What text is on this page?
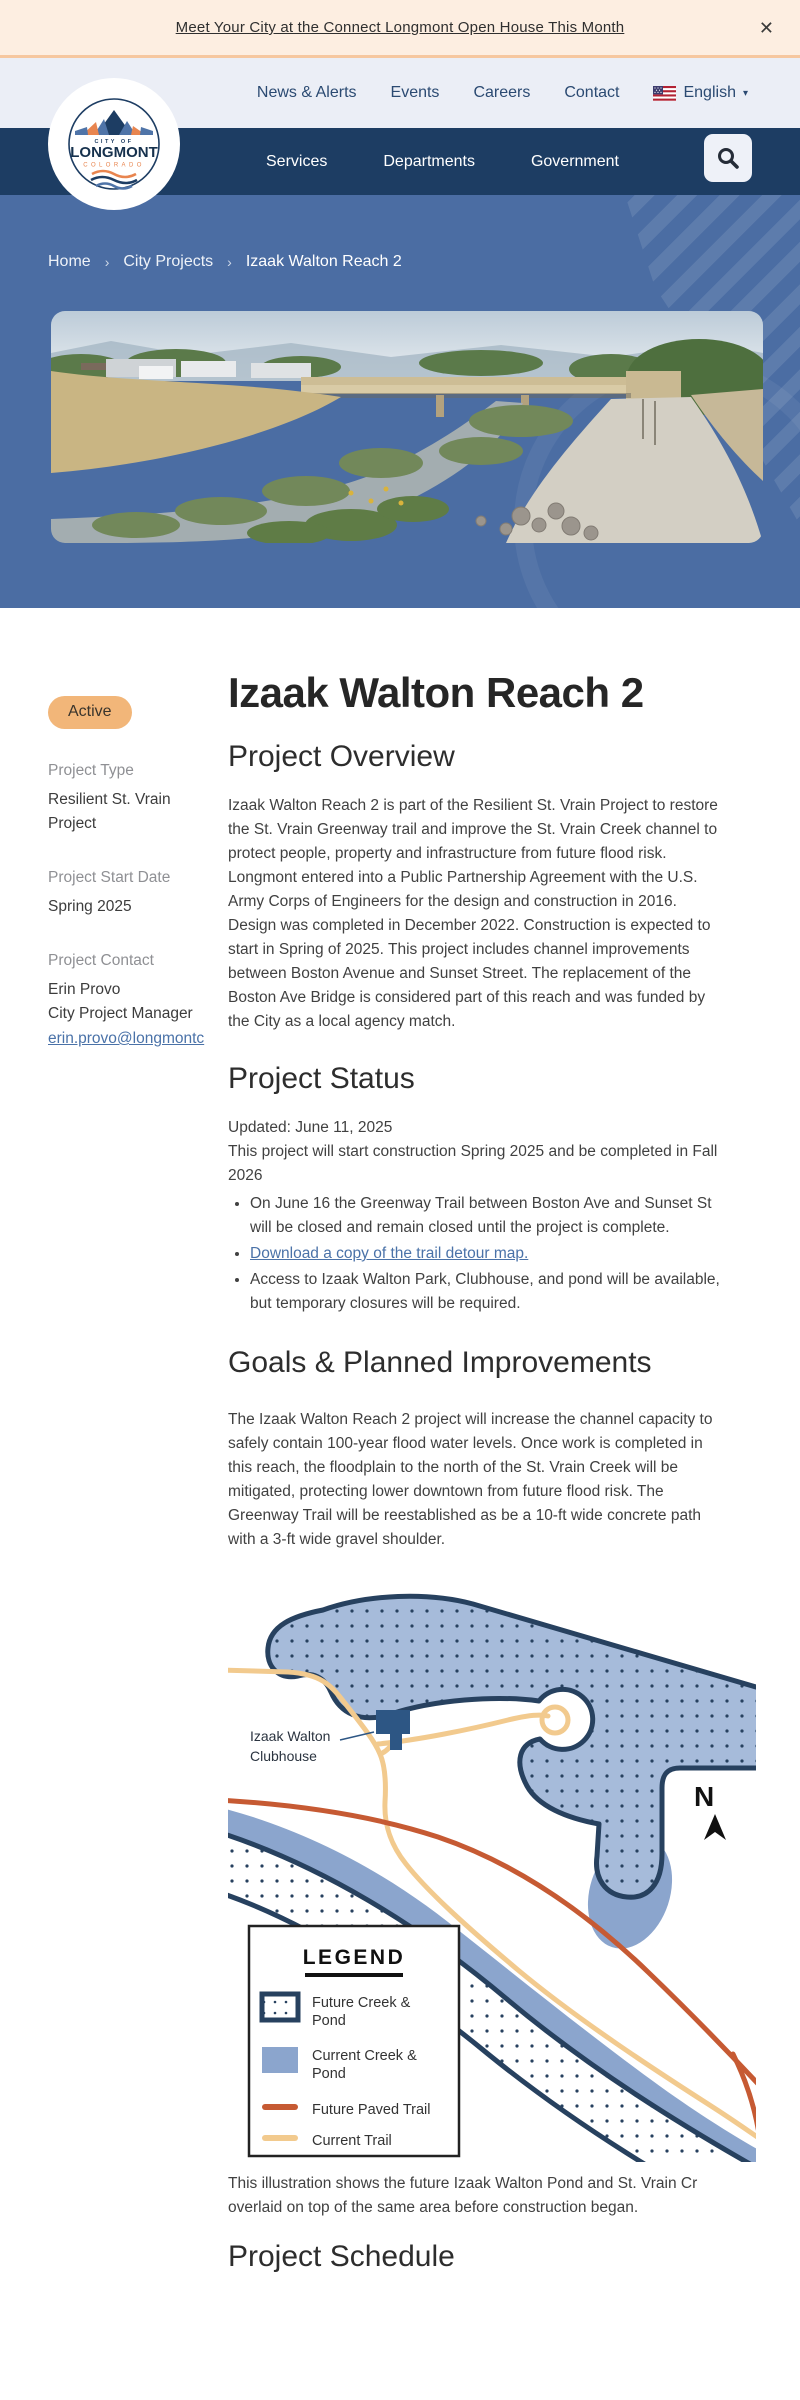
Meet Your City at the Connect Longmont Open House This Month	✕
News & Alerts Events Careers Contact	English ▾
Services	Departments	Government
CITY OF
LONGMONT
COLORADO
Home › City Projects › Izaak Walton Reach 2
Active
Project Type
Resilient St. Vrain Project
Project Start Date
Spring 2025
Project Contact
Erin Provo
City Project Manager
erin.provo@longmontc
Izaak Walton Reach 2
Project Overview

Izaak Walton Reach 2 is part of the Resilient St. Vrain Project to restore the St. Vrain Greenway trail and improve the St. Vrain Creek channel to protect people, property and infrastructure from future flood risk. Longmont entered into a Public Partnership Agreement with the U.S. Army Corps of Engineers for the design and construction in 2016. Design was completed in December 2022. Construction is expected to start in Spring of 2025. This project includes channel improvements between Boston Avenue and Sunset Street. The replacement of the Boston Ave Bridge is considered part of this reach and was funded by the City as a local agency match.

Project Status
Updated: June 11, 2025
This project will start construction Spring 2025 and be completed in Fall 2026
• On June 16 the Greenway Trail between Boston Ave and Sunset St will be closed and remain closed until the project is complete.
• Download a copy of the trail detour map.
• Access to Izaak Walton Park, Clubhouse, and pond will be available, but temporary closures will be required.
Goals & Planned Improvements

The Izaak Walton Reach 2 project will increase the channel capacity to safely contain 100-year flood water levels. Once work is completed in this reach, the floodplain to the north of the St. Vrain Creek will be mitigated, protecting lower downtown from future flood risk. The Greenway Trail will be reestablished as be a 10-ft wide concrete path with a 3-ft wide gravel shoulder.

Izaak Walton
Clubhouse
N
LEGEND
Future Creek &
Pond
Current Creek &
Pond
Future Paved Trail
Current Trail

This illustration shows the future Izaak Walton Pond and St. Vrain Cr

overlaid on top of the same area before construction began.

Project Schedule
